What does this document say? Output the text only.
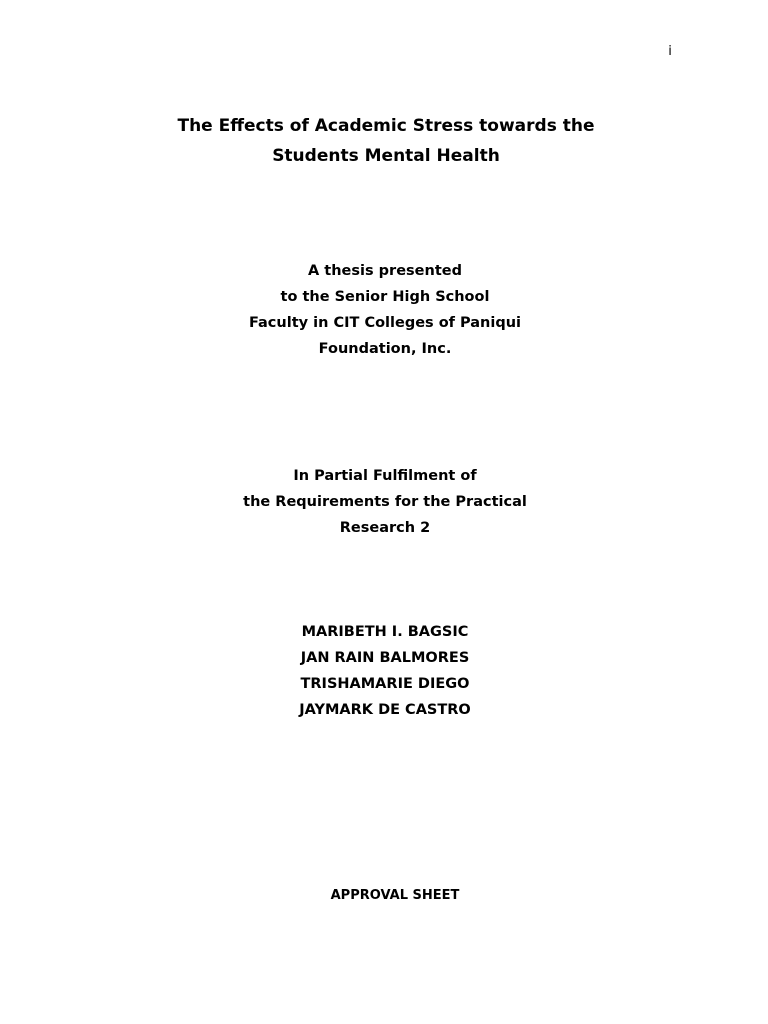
i
The Effects of Academic Stress towards the
Students Mental Health
A thesis presented
to the Senior High School
Faculty in CIT Colleges of Paniqui
Foundation, Inc.
In Partial Fulfilment of
the Requirements for the Practical
Research 2
MARIBETH I. BAGSIC
JAN RAIN BALMORES
TRISHAMARIE DIEGO
JAYMARK DE CASTRO
APPROVAL SHEET
